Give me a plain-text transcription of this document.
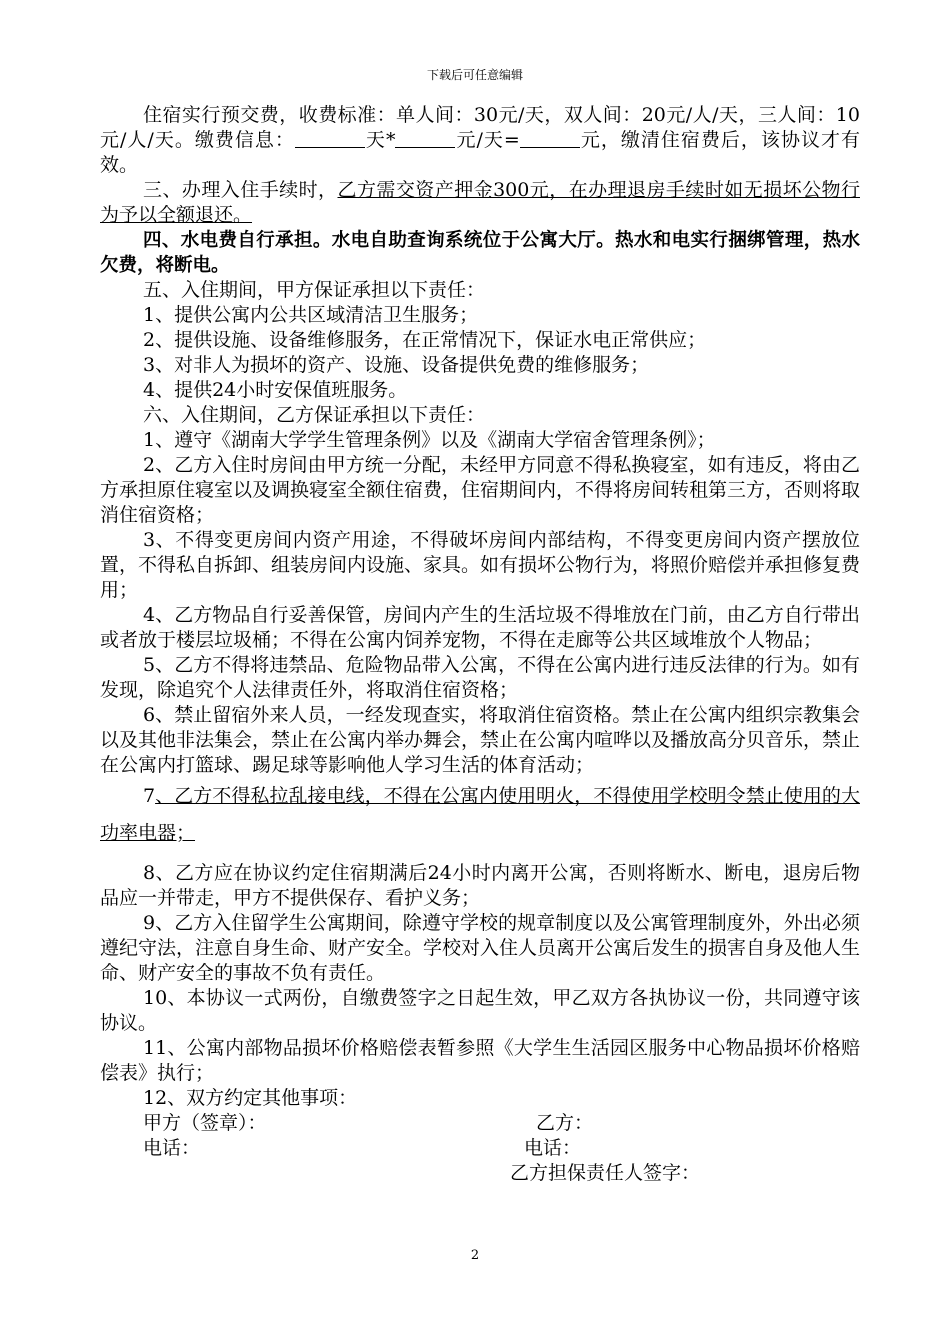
下载后可任意编辑

住宿实行预交费，收费标准：单人间：30元/天，双人间：20元/人/天，三人间：10元/人/天。缴费信息：	天*	元/天=	元，缴清住宿费后，该协议才有效。

三、办理入住手续时，乙方需交资产押金300元，在办理退房手续时如无损坏公物行为予以全额退还。

四、水电费自行承担。水电自助查询系统位于公寓大厅。热水和电实行捆绑管理，热水欠费，将断电。

五、入住期间，甲方保证承担以下责任：

1、提供公寓内公共区域清洁卫生服务；

2、提供设施、设备维修服务，在正常情况下，保证水电正常供应；

3、对非人为损坏的资产、设施、设备提供免费的维修服务；

4、提供24小时安保值班服务。

六、入住期间，乙方保证承担以下责任：

1、遵守《湖南大学学生管理条例》以及《湖南大学宿舍管理条例》；

2、乙方入住时房间由甲方统一分配，未经甲方同意不得私换寝室，如有违反，将由乙方承担原住寝室以及调换寝室全额住宿费，住宿期间内，不得将房间转租第三方，否则将取消住宿资格；

3、不得变更房间内资产用途，不得破坏房间内部结构，不得变更房间内资产摆放位置，不得私自拆卸、组装房间内设施、家具。如有损坏公物行为，将照价赔偿并承担修复费用；

4、乙方物品自行妥善保管，房间内产生的生活垃圾不得堆放在门前，由乙方自行带出或者放于楼层垃圾桶；不得在公寓内饲养宠物，不得在走廊等公共区域堆放个人物品；

5、乙方不得将违禁品、危险物品带入公寓，不得在公寓内进行违反法律的行为。如有发现，除追究个人法律责任外，将取消住宿资格；

6、禁止留宿外来人员，一经发现查实，将取消住宿资格。禁止在公寓内组织宗教集会以及其他非法集会，禁止在公寓内举办舞会，禁止在公寓内喧哗以及播放高分贝音乐，禁止在公寓内打篮球、踢足球等影响他人学习生活的体育活动；

7、乙方不得私拉乱接电线，不得在公寓内使用明火，不得使用学校明令禁止使用的大功率电器；

8、乙方应在协议约定住宿期满后24小时内离开公寓，否则将断水、断电，退房后物品应一并带走，甲方不提供保存、看护义务；

9、乙方入住留学生公寓期间，除遵守学校的规章制度以及公寓管理制度外，外出必须遵纪守法，注意自身生命、财产安全。学校对入住人员离开公寓后发生的损害自身及他人生命、财产安全的事故不负有责任。

10、本协议一式两份，自缴费签字之日起生效，甲乙双方各执协议一份，共同遵守该协议。

11、公寓内部物品损坏价格赔偿表暂参照《大学生生活园区服务中心物品损坏价格赔偿表》执行；

12、双方约定其他事项：

甲方（签章）：	乙方：
电话：	电话：
乙方担保责任人签字：
2
